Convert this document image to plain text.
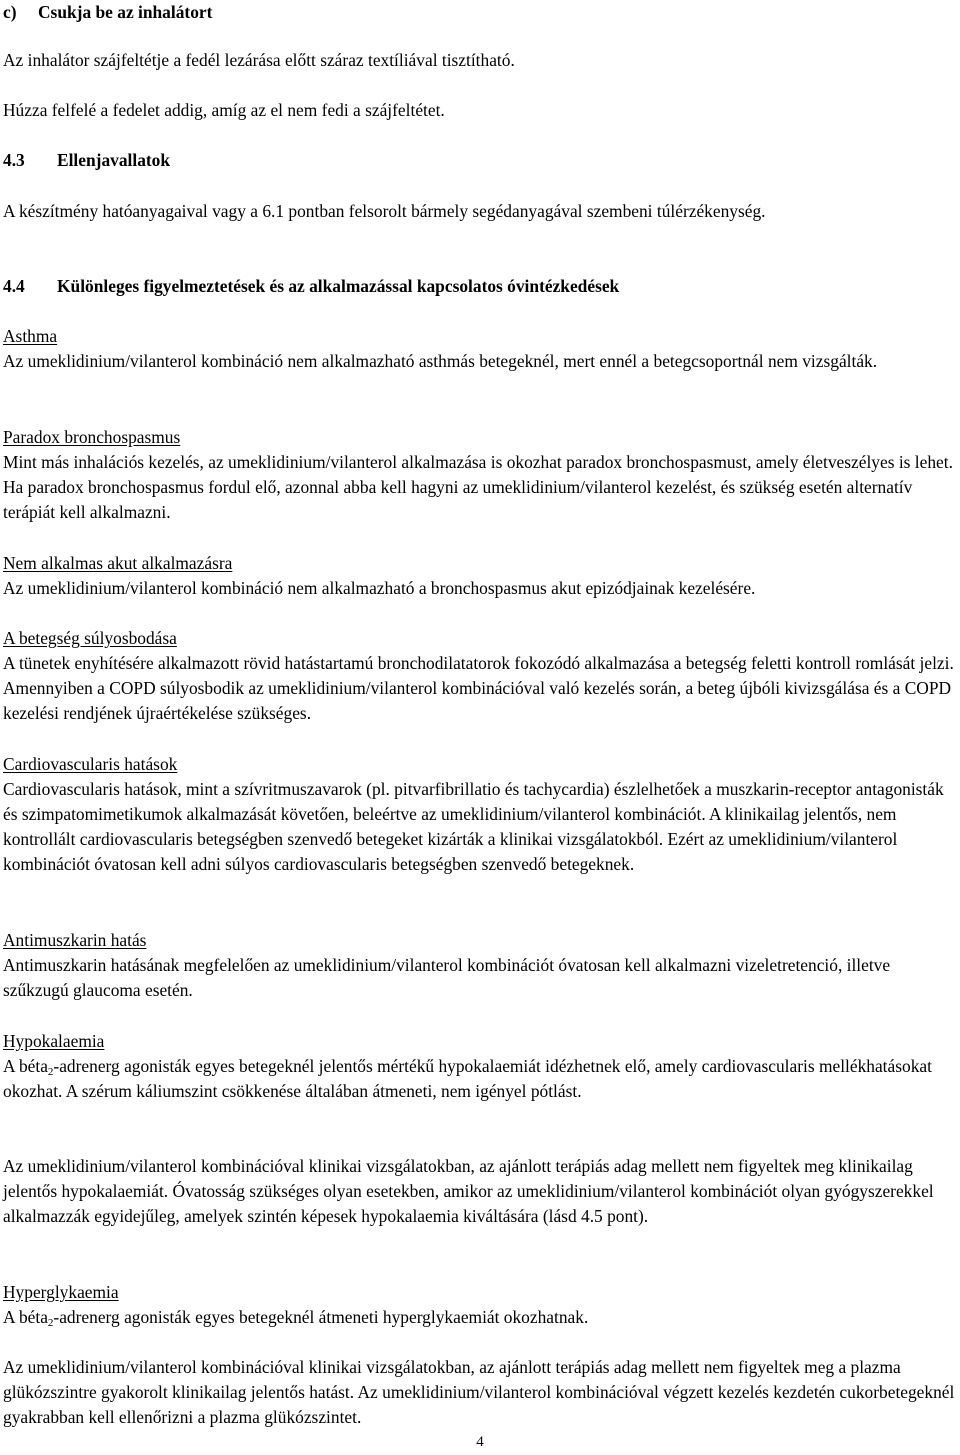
c) Csukja be az inhalátort

Az inhalátor szájfeltétje a fedél lezárása előtt száraz textíliával tisztítható.

Húzza felfelé a fedelet addig, amíg az el nem fedi a szájfeltétet.

4.3 Ellenjavallatok

A készítmény hatóanyagaival vagy a 6.1 pontban felsorolt bármely segédanyagával szembeni túlérzékenység.

4.4 Különleges figyelmeztetések és az alkalmazással kapcsolatos óvintézkedések

Asthma
Az umeklidinium/vilanterol kombináció nem alkalmazható asthmás betegeknél, mert ennél a betegcsoportnál nem vizsgálták.

Paradox bronchospasmus
Mint más inhalációs kezelés, az umeklidinium/vilanterol alkalmazása is okozhat paradox bronchospasmust, amely életveszélyes is lehet. Ha paradox bronchospasmus fordul elő, azonnal abba kell hagyni az umeklidinium/vilanterol kezelést, és szükség esetén alternatív terápiát kell alkalmazni.

Nem alkalmas akut alkalmazásra
Az umeklidinium/vilanterol kombináció nem alkalmazható a bronchospasmus akut epizódjainak kezelésére.

A betegség súlyosbodása
A tünetek enyhítésére alkalmazott rövid hatástartamú bronchodilatatorok fokozódó alkalmazása a betegség feletti kontroll romlását jelzi. Amennyiben a COPD súlyosbodik az umeklidinium/vilanterol kombinációval való kezelés során, a beteg újbóli kivizsgálása és a COPD kezelési rendjének újraértékelése szükséges.

Cardiovascularis hatások
Cardiovascularis hatások, mint a szívritmuszavarok (pl. pitvarfibrillatio és tachycardia) észlelhetőek a muszkarin-receptor antagonisták és szimpatomimetikumok alkalmazását követően, beleértve az umeklidinium/vilanterol kombinációt. A klinikailag jelentős, nem kontrollált cardiovascularis betegségben szenvedő betegeket kizárták a klinikai vizsgálatokból. Ezért az umeklidinium/vilanterol kombinációt óvatosan kell adni súlyos cardiovascularis betegségben szenvedő betegeknek.

Antimuszkarin hatás
Antimuszkarin hatásának megfelelően az umeklidinium/vilanterol kombinációt óvatosan kell alkalmazni vizeletretenció, illetve szűkzugú glaucoma esetén.

Hypokalaemia
A béta$_2$-adrenerg agonisták egyes betegeknél jelentős mértékű hypokalaemiát idézhetnek elő, amely cardiovascularis mellékhatásokat okozhat. A szérum káliumszint csökkenése általában átmeneti, nem igényel pótlást.

Az umeklidinium/vilanterol kombinációval klinikai vizsgálatokban, az ajánlott terápiás adag mellett nem figyeltek meg klinikailag jelentős hypokalaemiát. Óvatosság szükséges olyan esetekben, amikor az umeklidinium/vilanterol kombinációt olyan gyógyszerekkel alkalmazzák egyidejűleg, amelyek szintén képesek hypokalaemia kiváltására (lásd 4.5 pont).

Hyperglykaemia
A béta$_2$-adrenerg agonisták egyes betegeknél átmeneti hyperglykaemiát okozhatnak.

Az umeklidinium/vilanterol kombinációval klinikai vizsgálatokban, az ajánlott terápiás adag mellett nem figyeltek meg a plazma glükózszintre gyakorolt klinikailag jelentős hatást. Az umeklidinium/vilanterol kombinációval végzett kezelés kezdetén cukorbetegeknél gyakrabban kell ellenőrizni a plazma glükózszintet.

4
